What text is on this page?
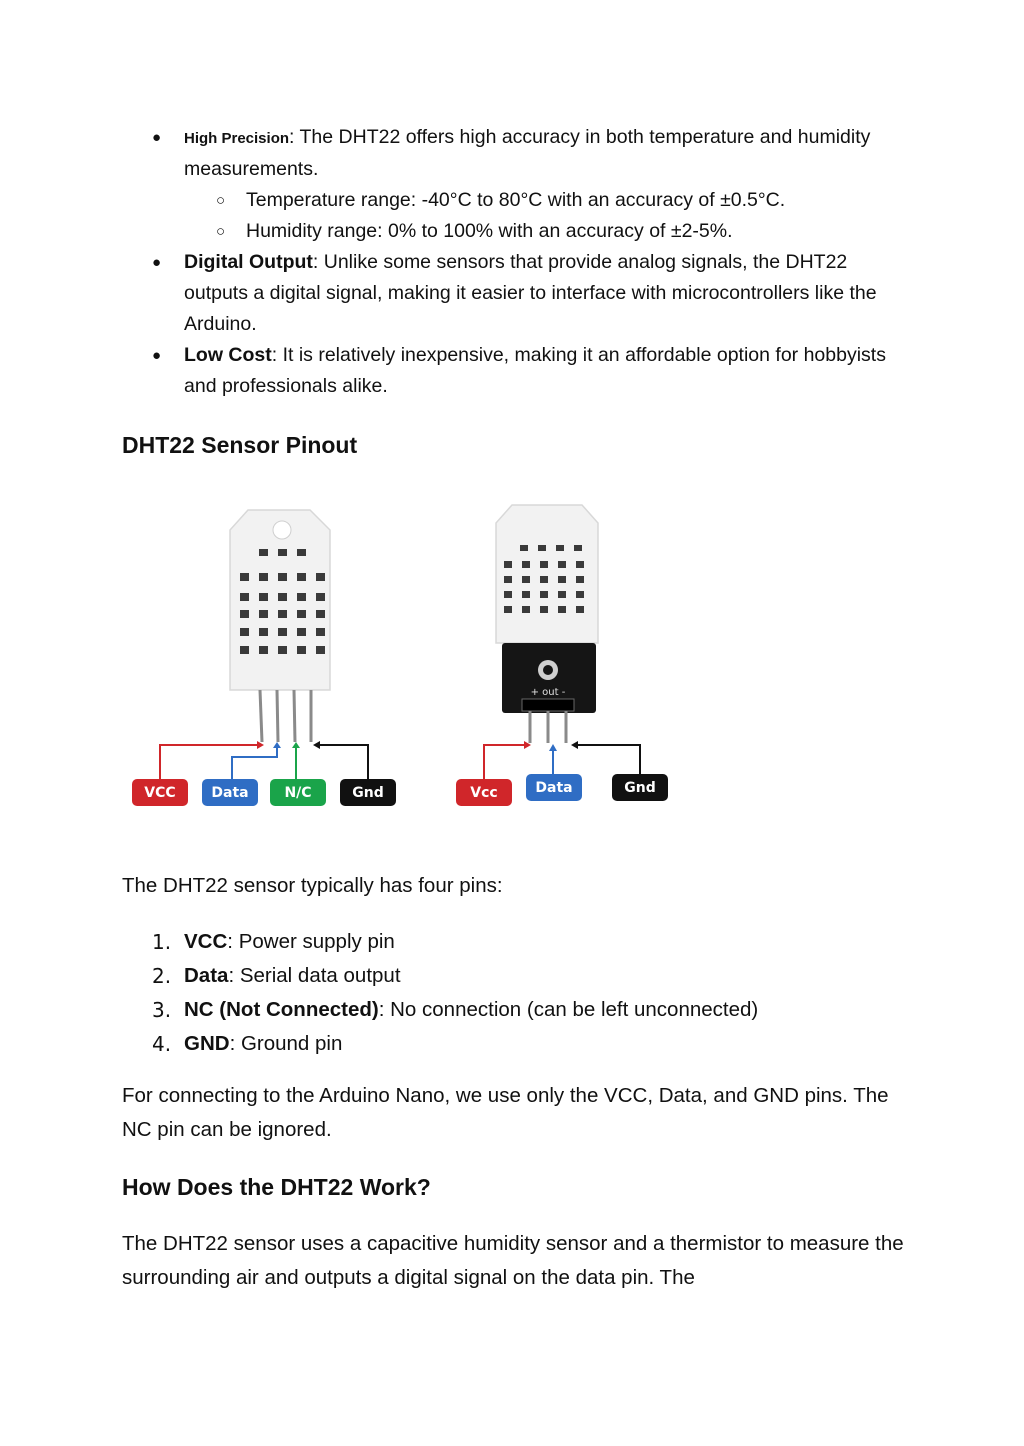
● High Precision: The DHT22 offers high accuracy in both temperature and humidity measurements.
○ Temperature range: -40°C to 80°C with an accuracy of ±0.5°C.
○ Humidity range: 0% to 100% with an accuracy of ±2-5%.
● Digital Output: Unlike some sensors that provide analog signals, the DHT22 outputs a digital signal, making it easier to interface with microcontrollers like the Arduino.
● Low Cost: It is relatively inexpensive, making it an affordable option for hobbyists and professionals alike.
DHT22 Sensor Pinout
VCC	Data	N/C	Gnd
+ out -
Vcc	Data	Gnd

The DHT22 sensor typically has four pins:

1. VCC: Power supply pin
2. Data: Serial data output
3. NC (Not Connected): No connection (can be left unconnected)
4. GND: Ground pin

For connecting to the Arduino Nano, we use only the VCC, Data, and GND pins. The NC pin can be ignored.

How Does the DHT22 Work?

The DHT22 sensor uses a capacitive humidity sensor and a thermistor to measure the surrounding air and outputs a digital signal on the data pin. The
